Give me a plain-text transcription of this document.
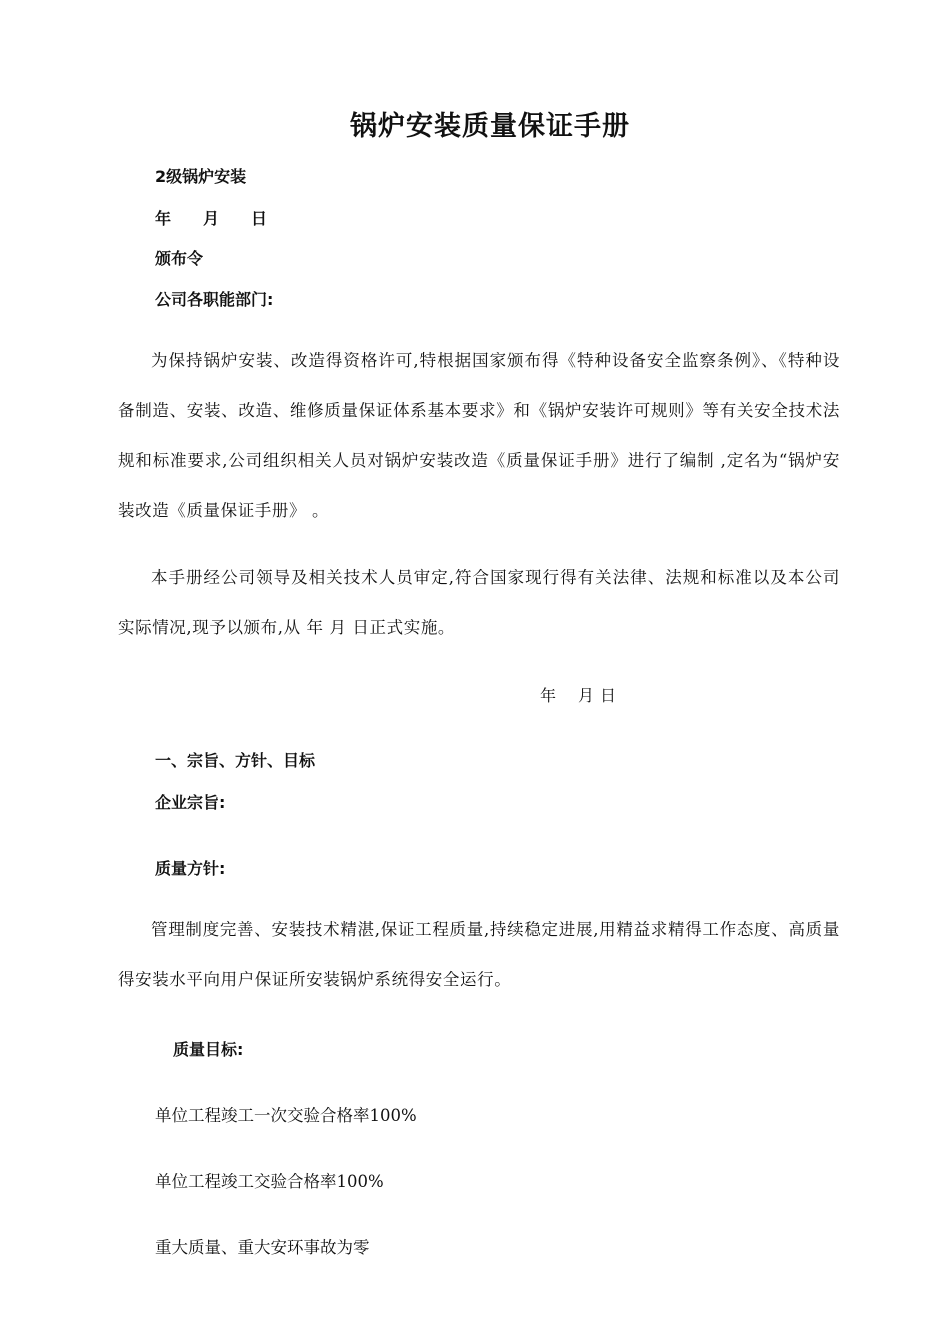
锅炉安装质量保证手册
2级锅炉安装
年 月 日
颁布令
公司各职能部门:
为保持锅炉安装、改造得资格许可,特根据国家颁布得《特种设备安全监察条例》、《特种设备制造、安装、改造、维修质量保证体系基本要求》和《锅炉安装许可规则》等有关安全技术法规和标准要求,公司组织相关人员对锅炉安装改造《质量保证手册》进行了编制 ,定名为“锅炉安装改造《质量保证手册》 。
本手册经公司领导及相关技术人员审定,符合国家现行得有关法律、法规和标准以及本公司实际情况,现予以颁布,从 年 月 日正式实施。
年 月 日
一、宗旨、方针、目标
企业宗旨:
质量方针:
管理制度完善、安装技术精湛,保证工程质量,持续稳定进展,用精益求精得工作态度、高质量得安装水平向用户保证所安装锅炉系统得安全运行。
质量目标:
单位工程竣工一次交验合格率100%
单位工程竣工交验合格率100%
重大质量、重大安环事故为零
